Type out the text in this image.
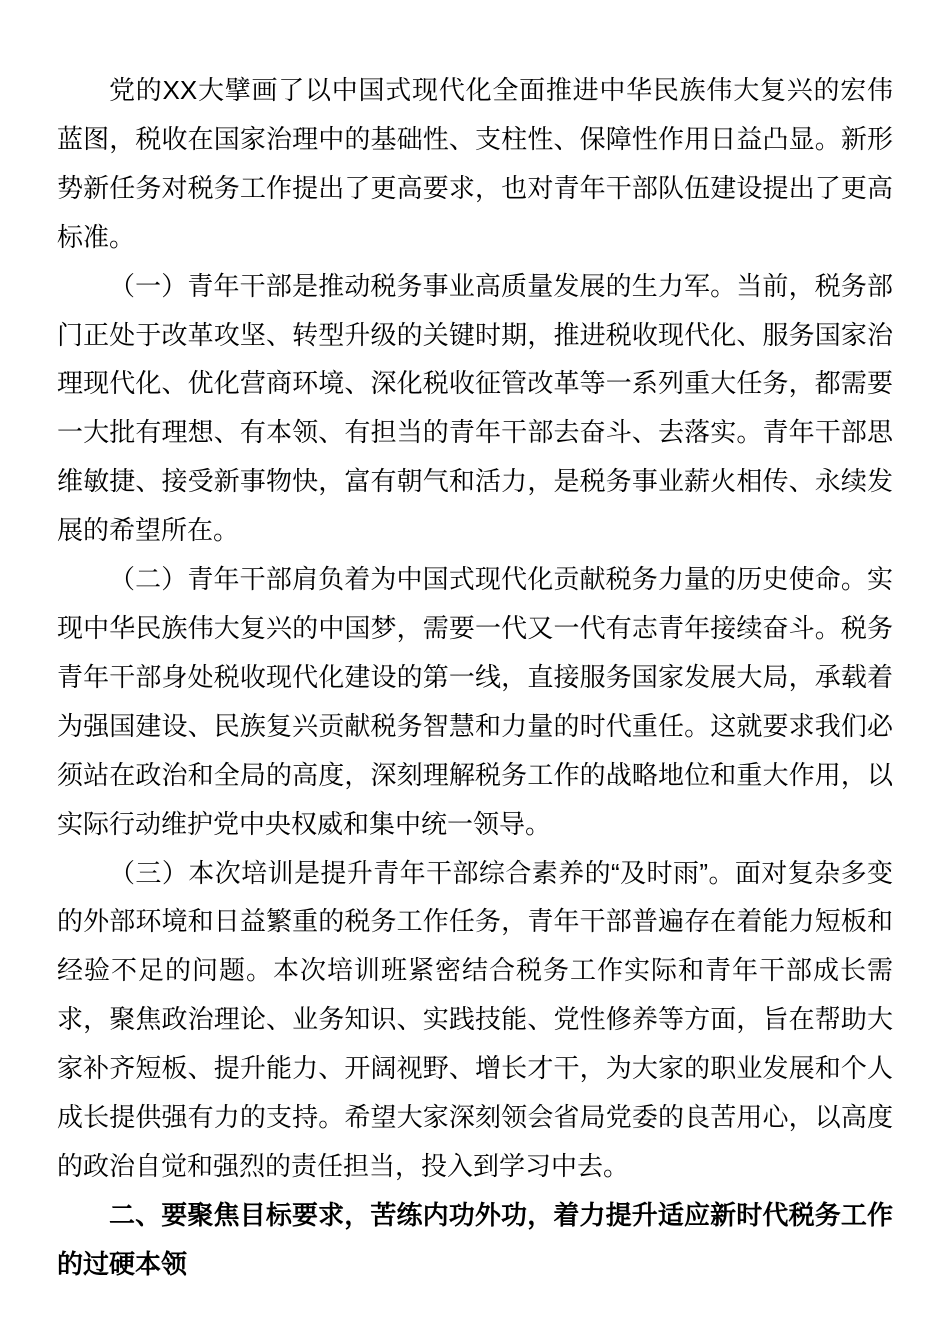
党的XX大擘画了以中国式现代化全面推进中华民族伟大复兴的宏伟蓝图，税收在国家治理中的基础性、支柱性、保障性作用日益凸显。新形势新任务对税务工作提出了更高要求，也对青年干部队伍建设提出了更高标准。

（一）青年干部是推动税务事业高质量发展的生力军。当前，税务部门正处于改革攻坚、转型升级的关键时期，推进税收现代化、服务国家治理现代化、优化营商环境、深化税收征管改革等一系列重大任务，都需要一大批有理想、有本领、有担当的青年干部去奋斗、去落实。青年干部思维敏捷、接受新事物快，富有朝气和活力，是税务事业薪火相传、永续发展的希望所在。

（二）青年干部肩负着为中国式现代化贡献税务力量的历史使命。实现中华民族伟大复兴的中国梦，需要一代又一代有志青年接续奋斗。税务青年干部身处税收现代化建设的第一线，直接服务国家发展大局，承载着为强国建设、民族复兴贡献税务智慧和力量的时代重任。这就要求我们必须站在政治和全局的高度，深刻理解税务工作的战略地位和重大作用，以实际行动维护党中央权威和集中统一领导。

（三）本次培训是提升青年干部综合素养的“及时雨”。面对复杂多变的外部环境和日益繁重的税务工作任务，青年干部普遍存在着能力短板和经验不足的问题。本次培训班紧密结合税务工作实际和青年干部成长需求，聚焦政治理论、业务知识、实践技能、党性修养等方面，旨在帮助大家补齐短板、提升能力、开阔视野、增长才干，为大家的职业发展和个人成长提供强有力的支持。希望大家深刻领会省局党委的良苦用心，以高度的政治自觉和强烈的责任担当，投入到学习中去。

二、要聚焦目标要求，苦练内功外功，着力提升适应新时代税务工作的过硬本领
